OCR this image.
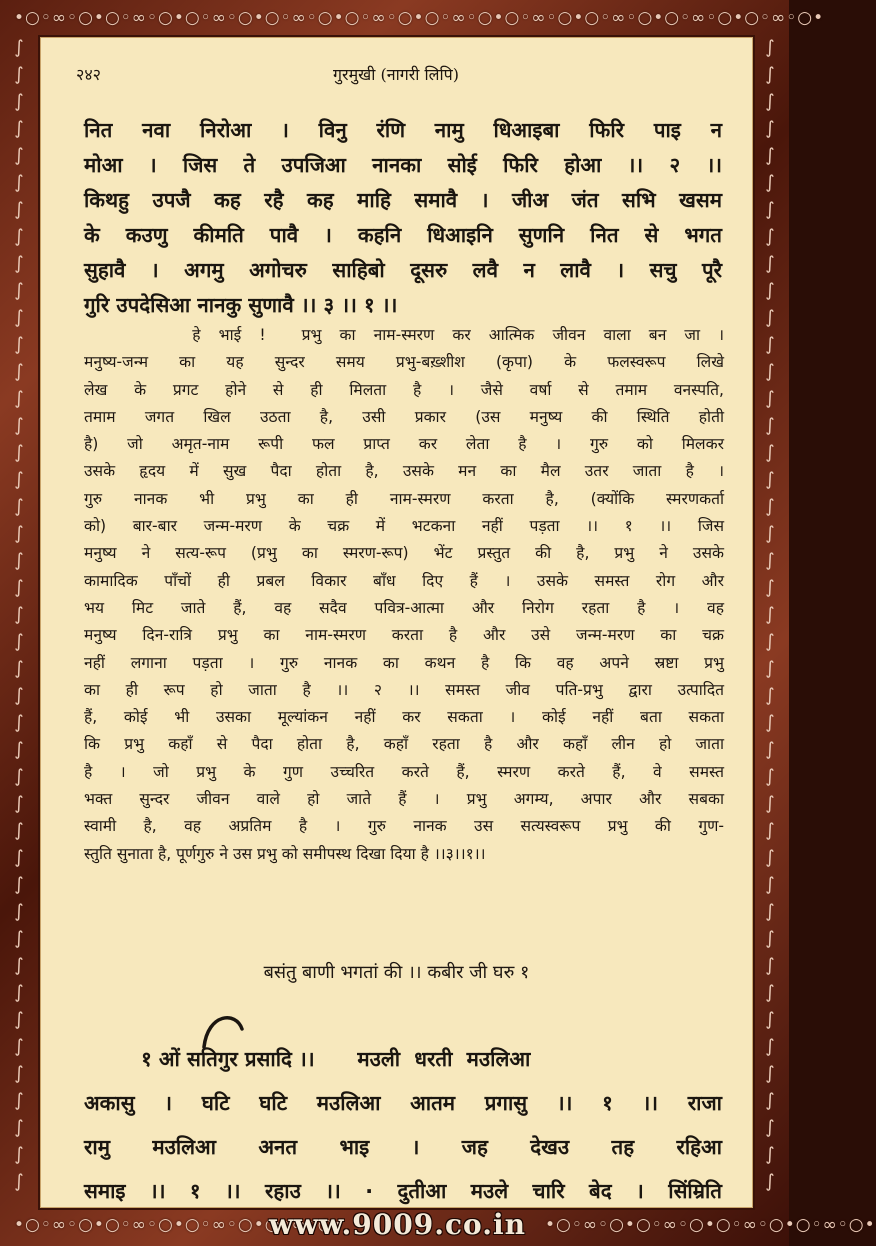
•○◦∞◦○•○◦∞◦○•○◦∞◦○•○◦∞◦○•○◦∞◦○•○◦∞◦○•○◦∞◦○•○◦∞◦○•○◦∞◦○•○◦∞◦○•
∫
∫
∫
∫
∫
∫
∫
∫
∫
∫
∫
∫
∫
∫
∫
∫
∫
∫
∫
∫
∫
∫
∫
∫
∫
∫
∫
∫
∫
∫
∫
∫
∫
∫
∫
∫
∫
∫
∫
∫
∫
∫
∫
∫
∫
∫
∫
∫
∫
∫
∫
∫
∫
∫
∫
∫
∫
∫
∫
∫
∫
∫
∫
∫
∫
∫
∫
∫
∫
∫
∫
∫
∫
∫
∫
∫
∫
∫
∫
∫
∫
∫
∫
∫
∫
∫
•○◦∞◦○•○◦∞◦○•○◦∞◦○•○◦∞◦○•	•○◦∞◦○•○◦∞◦○•○◦∞◦○•○◦∞◦○•
२४२	गुरमुखी (नागरी लिपि)
नित नवा निरोआ । विनु रंणि नामु धिआइबा फिरि पाइ न
मोआ । जिस ते उपजिआ नानका सोई फिरि होआ ।। २ ।।
किथहु उपजै कह रहै कह माहि समावै । जीअ जंत सभि खसम
के कउणु कीमति पावै । कहनि धिआइनि सुणनि नित से भगत
सुहावै । अगमु अगोचरु साहिबो दूसरु लवै न लावै । सचु पूरै
गुरि उपदेसिआ नानकु सुणावै ।। ३ ।। १ ।।
हे भाई !  प्रभु का नाम-स्मरण कर आत्मिक जीवन वाला बन जा ।
मनुष्य-जन्म का यह सुन्दर समय प्रभु-बख़्शीश (कृपा) के फलस्वरूप लिखे
लेख के प्रगट होने से ही मिलता है । जैसे वर्षा से तमाम वनस्पति,
तमाम जगत खिल उठता है, उसी प्रकार (उस मनुष्य की स्थिति होती
है) जो अमृत-नाम रूपी फल प्राप्त कर लेता है । गुरु को मिलकर
उसके हृदय में सुख पैदा होता है, उसके मन का मैल उतर जाता है ।
गुरु नानक भी प्रभु का ही नाम-स्मरण करता है, (क्योंकि स्मरणकर्ता
को) बार-बार जन्म-मरण के चक्र में भटकना नहीं पड़ता ।। १ ।। जिस
मनुष्य ने सत्य-रूप (प्रभु का स्मरण-रूप) भेंट प्रस्तुत की है, प्रभु ने उसके
कामादिक पाँचों ही प्रबल विकार बाँध दिए हैं । उसके समस्त रोग और
भय मिट जाते हैं, वह सदैव पवित्र-आत्मा और निरोग रहता है । वह
मनुष्य दिन-रात्रि प्रभु का नाम-स्मरण करता है और उसे जन्म-मरण का चक्र
नहीं लगाना पड़ता । गुरु नानक का कथन है कि वह अपने स्रष्टा प्रभु
का ही रूप हो जाता है ।। २ ।। समस्त जीव पति-प्रभु द्वारा उत्पादित
हैं, कोई भी उसका मूल्यांकन नहीं कर सकता । कोई नहीं बता सकता
कि प्रभु कहाँ से पैदा होता है, कहाँ रहता है और कहाँ लीन हो जाता
है । जो प्रभु के गुण उच्चरित करते हैं, स्मरण करते हैं, वे समस्त
भक्त सुन्दर जीवन वाले हो जाते हैं । प्रभु अगम्य, अपार और सबका
स्वामी है, वह अप्रतिम है । गुरु नानक उस सत्यस्वरूप प्रभु की गुण-
स्तुति सुनाता है, पूर्णगुरु ने उस प्रभु को समीपस्थ दिखा दिया है ।।३।।१।।
बसंतु बाणी भगतां की ।। कबीर जी घरु १
१ ओं सतिगुर प्रसादि ।।      मउली  धरती  मउलिआ
अकासु । घटि घटि मउलिआ आतम प्रगासु ।। १ ।। राजा
रामु मउलिआ अनत भाइ । जह देखउ तह रहिआ
समाइ ।। १ ।। रहाउ ।। · दुतीआ मउले चारि बेद । सिंम्रिति
www.9009.co.in
